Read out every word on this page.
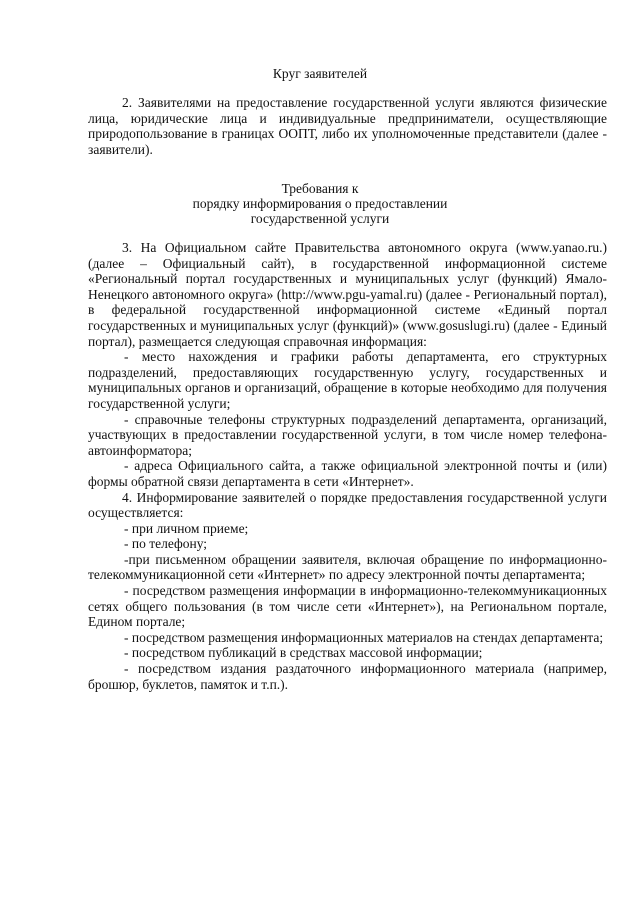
Круг заявителей
2. Заявителями на предоставление государственной услуги являются физические лица, юридические лица и индивидуальные предприниматели, осуществляющие природопользование в границах ООПТ, либо их уполномоченные представители (далее - заявители).
Требования к
порядку информирования о предоставлении
государственной услуги
3. На Официальном сайте Правительства автономного округа (www.yanao.ru.) (далее – Официальный сайт), в государственной информационной системе «Региональный портал государственных и муниципальных услуг (функций) Ямало-Ненецкого автономного округа» (http://www.pgu-yamal.ru) (далее - Региональный портал), в федеральной государственной информационной системе «Единый портал государственных и муниципальных услуг (функций)» (www.gosuslugi.ru) (далее - Единый портал), размещается следующая справочная информация:
- место нахождения и графики работы департамента, его структурных подразделений, предоставляющих государственную услугу, государственных и муниципальных органов и организаций, обращение в которые необходимо для получения государственной услуги;
- справочные телефоны структурных подразделений департамента, организаций, участвующих в предоставлении государственной услуги, в том числе номер телефона-автоинформатора;
- адреса Официального сайта, а также официальной электронной почты и (или) формы обратной связи департамента в сети «Интернет».
4. Информирование заявителей о порядке предоставления государственной услуги осуществляется:
- при личном приеме;
- по телефону;
-при письменном обращении заявителя, включая обращение по информационно-телекоммуникационной сети «Интернет» по адресу электронной почты департамента;
- посредством размещения информации в информационно-телекоммуникационных сетях общего пользования (в том числе сети «Интернет»), на Региональном портале, Едином портале;
- посредством размещения информационных материалов на стендах департамента;
- посредством публикаций в средствах массовой информации;
- посредством издания раздаточного информационного материала (например, брошюр, буклетов, памяток и т.п.).
